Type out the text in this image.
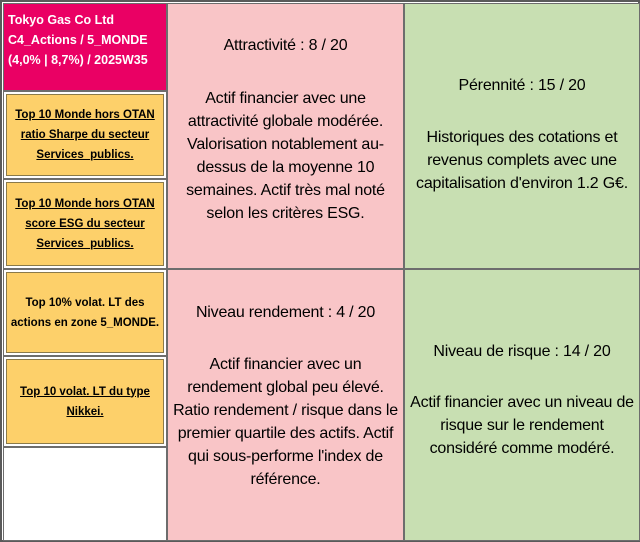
Tokyo Gas Co Ltd
C4_Actions / 5_MONDE
(4,0% | 8,7%) / 2025W35
Top 10 Monde hors OTAN ratio Sharpe du secteur Services_publics.
Top 10 Monde hors OTAN score ESG du secteur Services_publics.
Top 10% volat. LT des actions en zone 5_MONDE.
Top 10 volat. LT du type Nikkei.
Attractivité : 8 / 20
Actif financier avec une attractivité globale modérée. Valorisation notablement au-dessus de la moyenne 10 semaines. Actif très mal noté selon les critères ESG.
Pérennité : 15 / 20
Historiques des cotations et revenus complets avec une capitalisation d'environ 1.2 G€.
Niveau rendement : 4 / 20
Actif financier avec un rendement global peu élevé. Ratio rendement / risque dans le premier quartile des actifs. Actif qui sous-performe l'index de référence.
Niveau de risque : 14 / 20
Actif financier avec un niveau de risque sur le rendement considéré comme modéré.
